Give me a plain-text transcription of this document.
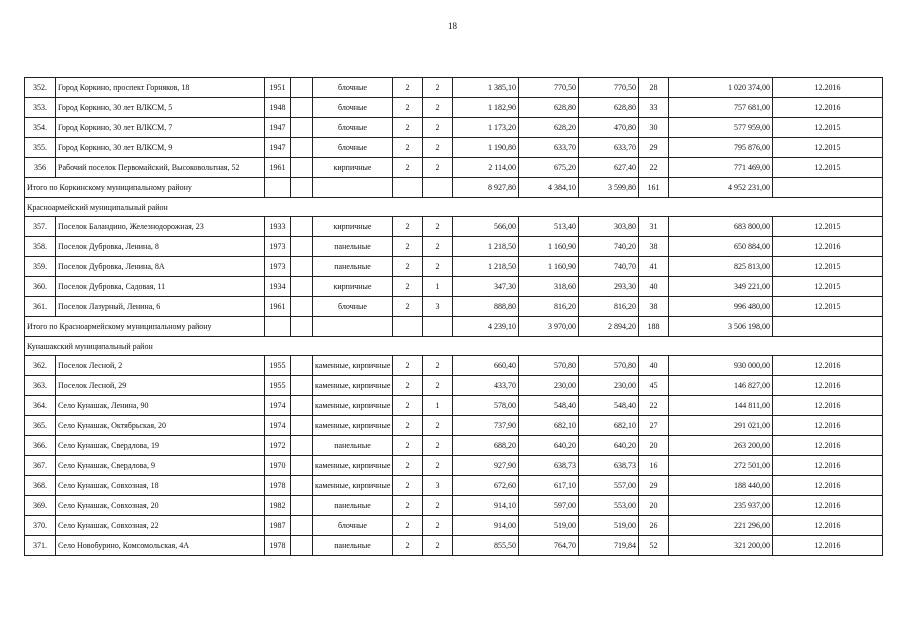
18
352.	Город Коркино, проспект Горняков, 18	1951		блочные	2	2	1 385,10	770,50	770,50	28	1 020 374,00	12.2016
353.	Город Коркино, 30 лет ВЛКСМ, 5	1948		блочные	2	2	1 182,90	628,80	628,80	33	757 681,00	12.2016
354.	Город Коркино, 30 лет ВЛКСМ, 7	1947		блочные	2	2	1 173,20	628,20	470,80	30	577 959,00	12.2015
355.	Город Коркино, 30 лет ВЛКСМ, 9	1947		блочные	2	2	1 190,80	633,70	633,70	29	795 876,00	12.2015
356	Рабочий поселок Первомайский, Высоковольтная, 52	1961		кирпичные	2	2	2 114,00	675,20	627,40	22	771 469,00	12.2015
Итого по Коркинскому муниципальному району							8 927,80	4 384,10	3 599,80	161	4 952 231,00	
Красноармейский муниципальный район												
357.	Поселок Баландино, Железнодорожная, 23	1933		кирпичные	2	2	566,00	513,40	303,80	31	683 800,00	12.2015
358.	Поселок Дубровка, Ленина, 8	1973		панельные	2	2	1 218,50	1 160,90	740,20	38	650 884,00	12.2016
359.	Поселок Дубровка, Ленина, 8А	1973		панельные	2	2	1 218,50	1 160,90	740,70	41	825 813,00	12.2015
360.	Поселок Дубровка, Садовая, 11	1934		кирпичные	2	1	347,30	318,60	293,30	40	349 221,00	12.2015
361.	Поселок Лазурный, Ленина, 6	1961		блочные	2	3	888,80	816,20	816,20	38	996 480,00	12.2015
Итого по Красноармейскому муниципальному району							4 239,10	3 970,00	2 894,20	188	3 506 198,00	
Кунашакский муниципальный район												
362.	Поселок Лесной, 2	1955		каменные, кирпичные	2	2	660,40	570,80	570,80	40	930 000,00	12.2016
363.	Поселок Лесной, 29	1955		каменные, кирпичные	2	2	433,70	230,00	230,00	45	146 827,00	12.2016
364.	Село Кунашак, Ленина, 90	1974		каменные, кирпичные	2	1	578,00	548,40	548,40	22	144 811,00	12.2016
365.	Село Кунашак, Октябрьская, 20	1974		каменные, кирпичные	2	2	737,90	682,10	682,10	27	291 021,00	12.2016
366.	Село Кунашак, Свердлова, 19	1972		панельные	2	2	688,20	640,20	640,20	20	263 200,00	12.2016
367.	Село Кунашак, Свердлова, 9	1970		каменные, кирпичные	2	2	927,90	638,73	638,73	16	272 501,00	12.2016
368.	Село Кунашак, Совхозная, 18	1978		каменные, кирпичные	2	3	672,60	617,10	557,00	29	188 440,00	12.2016
369.	Село Кунашак, Совхозная, 20	1982		панельные	2	2	914,10	597,00	553,00	20	235 937,00	12.2016
370.	Село Кунашак, Совхозная, 22	1987		блочные	2	2	914,00	519,00	519,00	26	221 296,00	12.2016
371.	Село Новобурино, Комсомольская, 4А	1978		панельные	2	2	855,50	764,70	719,84	52	321 200,00	12.2016
